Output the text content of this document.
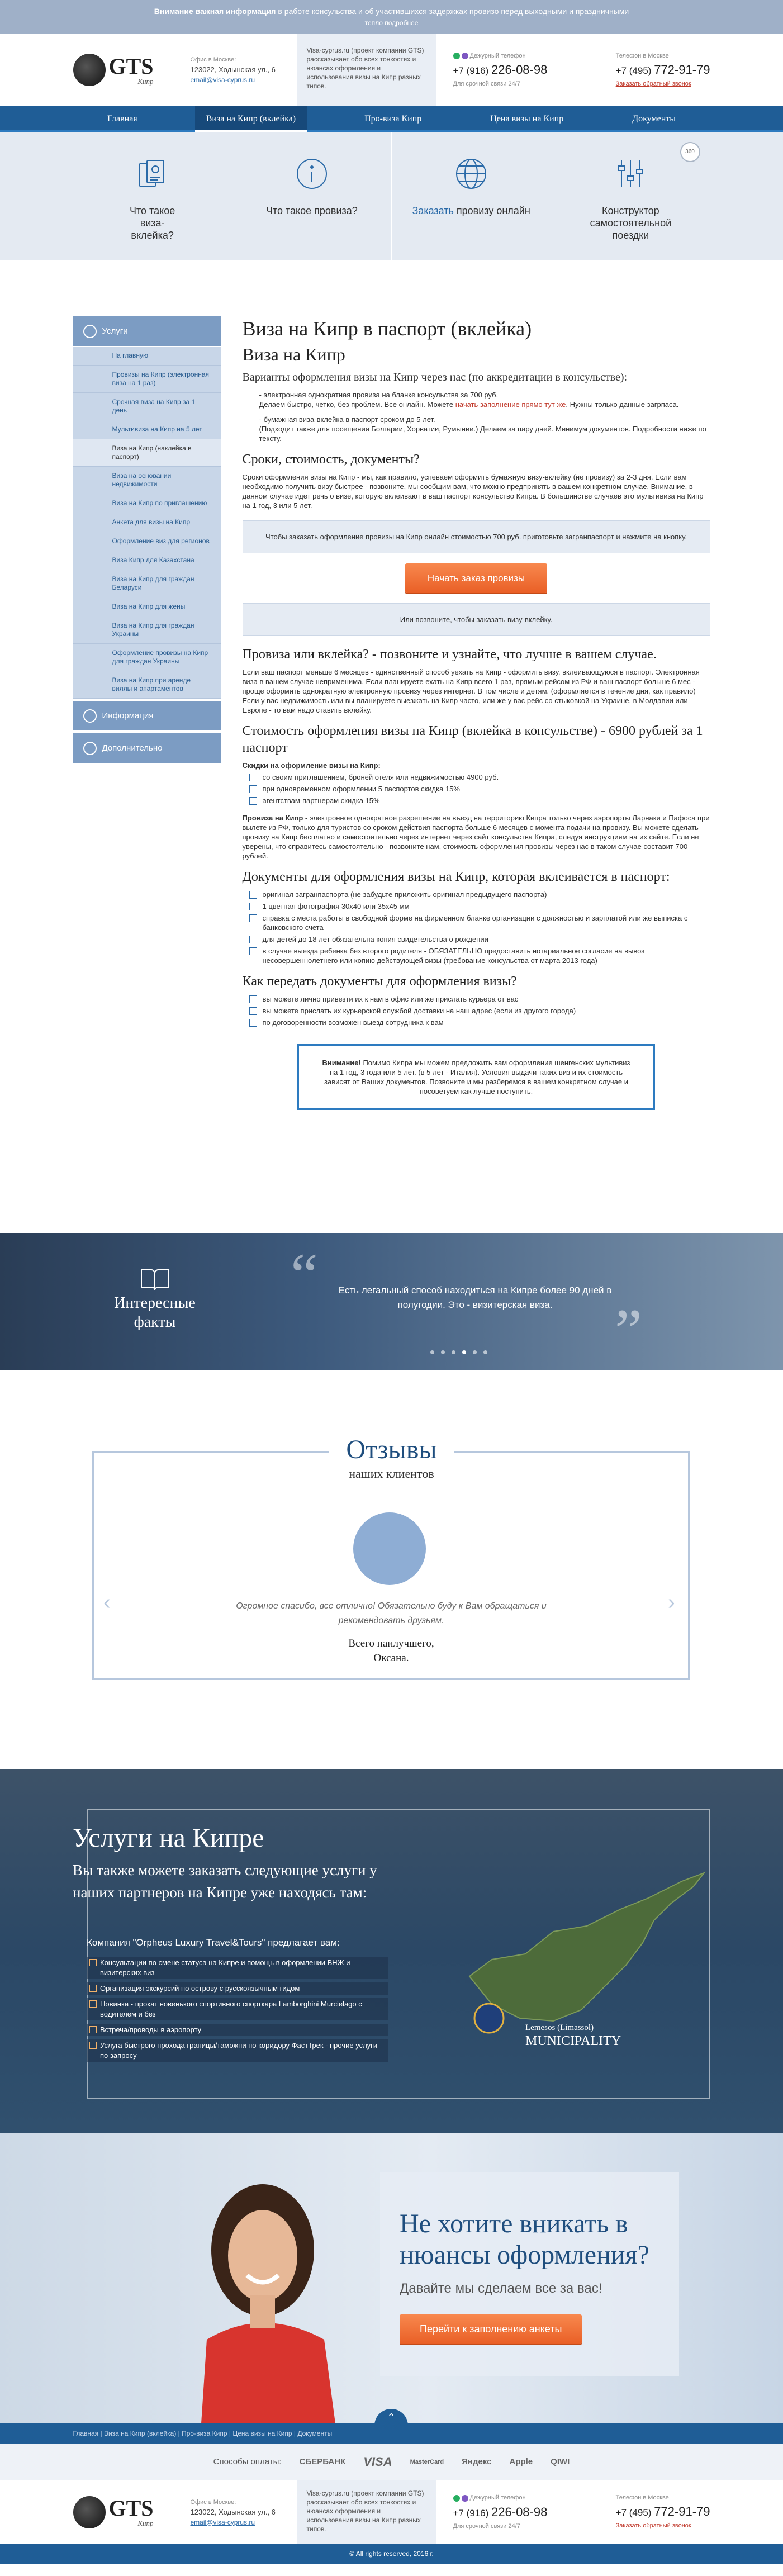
Внимание важная информация в работе консульства и об участившихся задержках провизо перед выходными и праздничными
тепло подробнее
GTS
Кипр
Офис в Москве:
123022, Ходынская ул., 6
email@visa-cyprus.ru
Visa-cyprus.ru (проект компании GTS) рассказывает обо всех тонкостях и нюансах оформления и использования визы на Кипр разных типов.
Дежурный телефон
+7 (916) 226-08-98
Для срочной связи 24/7
Телефон в Москве
+7 (495) 772-91-79
Заказать обратный звонок
Главная	Виза на Кипр (вклейка)	Про-виза Кипр	Цена визы на Кипр	Документы
Что такое виза-вклейка?
Что такое провиза?	Заказать провизу онлайн
360
Конструктор самостоятельной поездки
Услуги
На главную
Провизы на Кипр (электронная виза на 1 раз)
Срочная виза на Кипр за 1 день
Мультивиза на Кипр на 5 лет
Виза на Кипр (наклейка в паспорт)
Виза на основании недвижимости
Виза на Кипр по приглашению
Анкета для визы на Кипр
Оформление виз для регионов
Виза Кипр для Казахстана
Виза на Кипр для граждан Беларуси
Виза на Кипр для жены
Виза на Кипр для граждан Украины
Оформление провизы на Кипр для граждан Украины
Виза на Кипр при аренде виллы и апартаментов
Информация
Дополнительно
Виза на Кипр в паспорт (вклейка)
Виза на Кипр
Варианты оформления визы на Кипр через нас (по аккредитации в консульстве):
- электронная однократная провиза на бланке консульства за 700 руб.
Делаем быстро, четко, без проблем. Все онлайн. Можете начать заполнение прямо тут же. Нужны только данные загрпаса.
- бумажная виза-вклейка в паспорт сроком до 5 лет.
(Подходит также для посещения Болгарии, Хорватии, Румынии.) Делаем за пару дней. Минимум документов. Подробности ниже по тексту.
Сроки, стоимость, документы?

Сроки оформления визы на Кипр - мы, как правило, успеваем оформить бумажную визу-вклейку (не провизу) за 2-3 дня. Если вам необходимо получить визу быстрее - позвоните, мы сообщим вам, что можно предпринять в вашем конкретном случае. Внимание, в данном случае идет речь о визе, которую вклеивают в ваш паспорт консульство Кипра. В большинстве случаев это мультивиза на Кипр на 1 год, 3 или 5 лет.

Чтобы заказать оформление провизы на Кипр онлайн стоимостью 700 руб. приготовьте загранпаспорт и нажмите на кнопку.
Начать заказ провизы
Или позвоните, чтобы заказать визу-вклейку.
Провиза или вклейка? - позвоните и узнайте, что лучше в вашем случае.

Если ваш паспорт меньше 6 месяцев - единственный способ уехать на Кипр - оформить визу, вклеивающуюся в паспорт. Электронная виза в вашем случае неприменима. Если планируете ехать на Кипр всего 1 раз, прямым рейсом из РФ и ваш паспорт больше 6 мес - проще оформить однократную электронную провизу через интернет. В том числе и детям. (оформляется в течение дня, как правило) Если у вас недвижимость или вы планируете выезжать на Кипр часто, или же у вас рейс со стыковкой на Украине, в Молдавии или Европе - то вам надо ставить вклейку.

Стоимость оформления визы на Кипр (вклейка в консульстве) - 6900 рублей за 1 паспорт

Скидки на оформление визы на Кипр:

со своим приглашением, броней отеля или недвижимостью 4900 руб.
при одновременном оформлении 5 паспортов скидка 15%
агентствам-партнерам скидка 15%

Провиза на Кипр - электронное однократное разрешение на въезд на территорию Кипра только через аэропорты Ларнаки и Пафоса при вылете из РФ, только для туристов со сроком действия паспорта больше 6 месяцев с момента подачи на провизу. Вы можете сделать провизу на Кипр бесплатно и самостоятельно через интернет через сайт консульства Кипра, следуя инструкциям на их сайте. Если не уверены, что справитесь самостоятельно - позвоните нам, стоимость оформления провизы через нас в таком случае составит 700 рублей.

Документы для оформления визы на Кипр, которая вклеивается в паспорт:
оригинал загранпаспорта (не забудьте приложить оригинал предыдущего паспорта)
1 цветная фотография 30х40 или 35х45 мм
справка с места работы в свободной форме на фирменном бланке организации с должностью и зарплатой или же выписка с банковского счета
для детей до 18 лет обязательна копия свидетельства о рождении
в случае выезда ребенка без второго родителя - ОБЯЗАТЕЛЬНО предоставить нотариальное согласие на вывоз несовершеннолетнего или копию действующей визы (требование консульства от марта 2013 года)
Как передать документы для оформления визы?
вы можете лично привезти их к нам в офис или же прислать курьера от вас
вы можете прислать их курьерской службой доставки на наш адрес (если из другого города)
по договоренности возможен выезд сотрудника к вам
Внимание! Помимо Кипра мы можем предложить вам оформление шенгенских мультивиз на 1 год, 3 года или 5 лет. (в 5 лет - Италия). Условия выдачи таких виз и их стоимость зависят от Ваших документов. Позвоните и мы разберемся в вашем конкретном случае и посоветуем как лучше поступить.
Интересные факты
“	Есть легальный способ находиться на Кипре более 90 дней в полугодии. Это - визитерская виза.	”
Отзывы
наших клиентов
Огромное спасибо, все отлично! Обязательно буду к Вам обращаться и рекомендовать друзьям.
Всего наилучшего,
Оксана.
‹	›
Услуги на Кипре
Вы также можете заказать следующие услуги у наших партнеров на Кипре уже находясь там:
Компания "Orpheus Luxury Travel&Tours" предлагает вам:
Консультации по смене статуса на Кипре и помощь в оформлении ВНЖ и визитерских виз
Организация экскурсий по острову с русскоязычным гидом
Новинка - прокат новенького спортивного спорткара Lamborghini Murcielago с водителем и без
Встреча/проводы в аэропорту
Услуга быстрого прохода границы/таможни по коридору ФастТрек - прочие услуги по запросу
Lemesos (Limassol)
MUNICIPALITY
Не хотите вникать в нюансы оформления?
Давайте мы сделаем все за вас!
Перейти к заполнению анкеты
⌃
Главная | Виза на Кипр (вклейка) | Про-виза Кипр | Цена визы на Кипр | Документы
Способы оплаты: СБЕРБАНК VISA	MasterCard Яндекс Apple QIWI
GTS
Кипр
Офис в Москве:
123022, Ходынская ул., 6
email@visa-cyprus.ru
Visa-cyprus.ru (проект компании GTS) рассказывает обо всех тонкостях и нюансах оформления и использования визы на Кипр разных типов.
Дежурный телефон
+7 (916) 226-08-98
Для срочной связи 24/7
Телефон в Москве
+7 (495) 772-91-79
Заказать обратный звонок
© All rights reserved, 2016 г.
